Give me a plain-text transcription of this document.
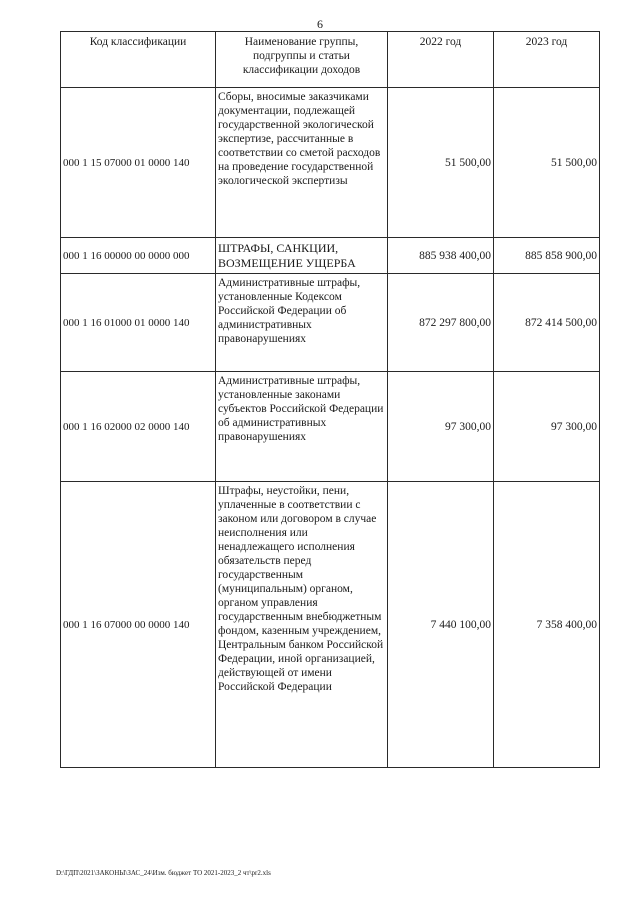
6
Код классификации	Наименование группы, подгруппы и статьи классификации доходов	2022 год	2023 год
000 1 15 07000 01 0000 140	Сборы, вносимые заказчиками документации, подлежащей государственной экологической экспертизе, рассчитанные в соответствии со сметой расходов на проведение государственной экологической экспертизы	51 500,00	51 500,00
000 1 16 00000 00 0000 000	ШТРАФЫ, САНКЦИИ, ВОЗМЕЩЕНИЕ УЩЕРБА	885 938 400,00	885 858 900,00
000 1 16 01000 01 0000 140	Административные штрафы, установленные Кодексом Российской Федерации об административных правонарушениях	872 297 800,00	872 414 500,00
000 1 16 02000 02 0000 140	Административные штрафы, установленные законами субъектов Российской Федерации об административных правонарушениях	97 300,00	97 300,00
000 1 16 07000 00 0000 140	Штрафы, неустойки, пени, уплаченные в соответствии с законом или договором в случае неисполнения или ненадлежащего исполнения обязательств перед государственным (муниципальным) органом, органом управления государственным внебюджетным фондом, казенным учреждением, Центральным банком Российской Федерации, иной организацией, действующей от имени Российской Федерации	7 440 100,00	7 358 400,00
D:\ГДП\2021\ЗАКОНЫ\ЗАС_24\Изм. бюджет ТО 2021-2023_2 чт\pr2.xls
